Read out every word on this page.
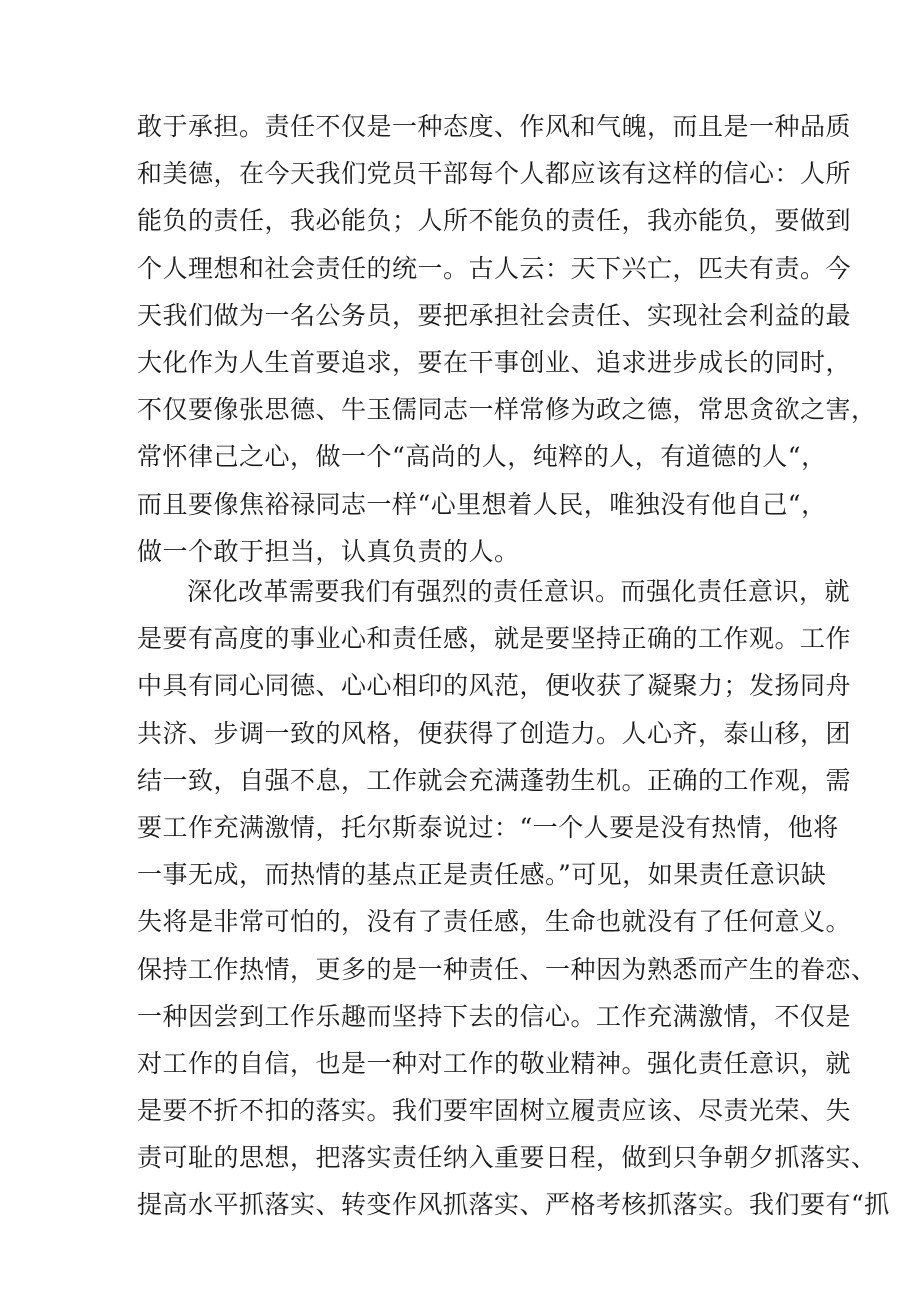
敢于承担。责任不仅是一种态度、作风和气魄，而且是一种品质
和美德，在今天我们党员干部每个人都应该有这样的信心：人所
能负的责任，我必能负；人所不能负的责任，我亦能负，要做到
个人理想和社会责任的统一。古人云：天下兴亡，匹夫有责。今
天我们做为一名公务员，要把承担社会责任、实现社会利益的最
大化作为人生首要追求，要在干事创业、追求进步成长的同时，
不仅要像张思德、牛玉儒同志一样常修为政之德，常思贪欲之害，
常怀律己之心，做一个“高尚的人，纯粹的人，有道德的人“，
而且要像焦裕禄同志一样“心里想着人民，唯独没有他自己“，
做一个敢于担当，认真负责的人。
深化改革需要我们有强烈的责任意识。而强化责任意识，就
是要有高度的事业心和责任感，就是要坚持正确的工作观。工作
中具有同心同德、心心相印的风范，便收获了凝聚力；发扬同舟
共济、步调一致的风格，便获得了创造力。人心齐，泰山移，团
结一致，自强不息，工作就会充满蓬勃生机。正确的工作观，需
要工作充满激情，托尔斯泰说过：“一个人要是没有热情，他将
一事无成，而热情的基点正是责任感。”可见，如果责任意识缺
失将是非常可怕的，没有了责任感，生命也就没有了任何意义。
保持工作热情，更多的是一种责任、一种因为熟悉而产生的眷恋、
一种因尝到工作乐趣而坚持下去的信心。工作充满激情，不仅是
对工作的自信，也是一种对工作的敬业精神。强化责任意识，就
是要不折不扣的落实。我们要牢固树立履责应该、尽责光荣、失
责可耻的思想，把落实责任纳入重要日程，做到只争朝夕抓落实、
提高水平抓落实、转变作风抓落实、严格考核抓落实。我们要有“抓
